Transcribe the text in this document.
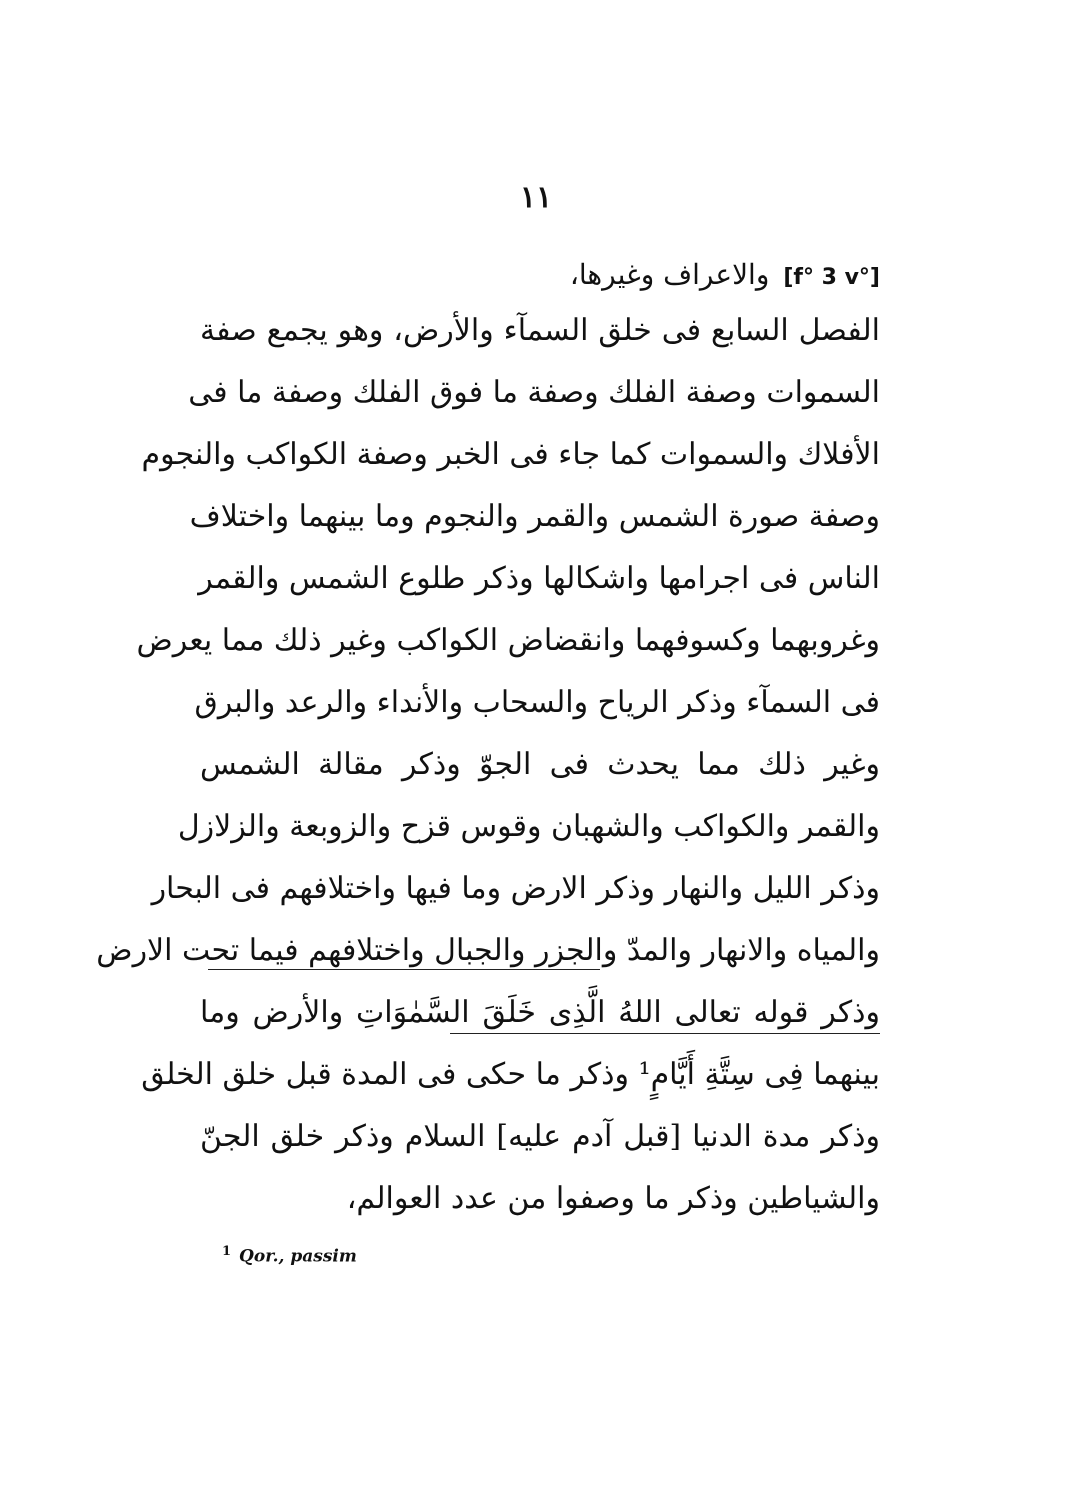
١١
[f° 3 v°]والاعراف وغيرها،
الفصل السابع فى خلق السمآء والأرض، وهو يجمع صفة
السموات وصفة الفلك وصفة ما فوق الفلك وصفة ما فى
الأفلاك والسموات كما جاء فى الخبر وصفة الكواكب والنجوم
وصفة صورة الشمس والقمر والنجوم وما بينهما واختلاف
الناس فى اجرامها واشكالها وذكر طلوع الشمس والقمر
وغروبهما وكسوفهما وانقضاض الكواكب وغير ذلك مما يعرض
فى السمآء وذكر الرياح والسحاب والأنداء والرعد والبرق
وغير ذلك مما يحدث فى الجوّ وذكر مقالة الشمس
والقمر والكواكب والشهبان وقوس قزح والزوبعة والزلازل
وذكر الليل والنهار وذكر الارض وما فيها واختلافهم فى البحار
والمياه والانهار والمدّ والجزر والجبال واختلافهم فيما تحت الارض
وذكر قوله تعالى اللهُ الَّذِى خَلَقَ السَّمٰوَاتِ والأرض وما
بينهما فِى سِتَّةِ أَيَّامٍ¹ وذكر ما حكى فى المدة قبل خلق الخلق
وذكر مدة الدنيا [قبل آدم عليه] السلام وذكر خلق الجنّ
والشياطين وذكر ما وصفوا من عدد العوالم،
$^1$ Qor., passim
